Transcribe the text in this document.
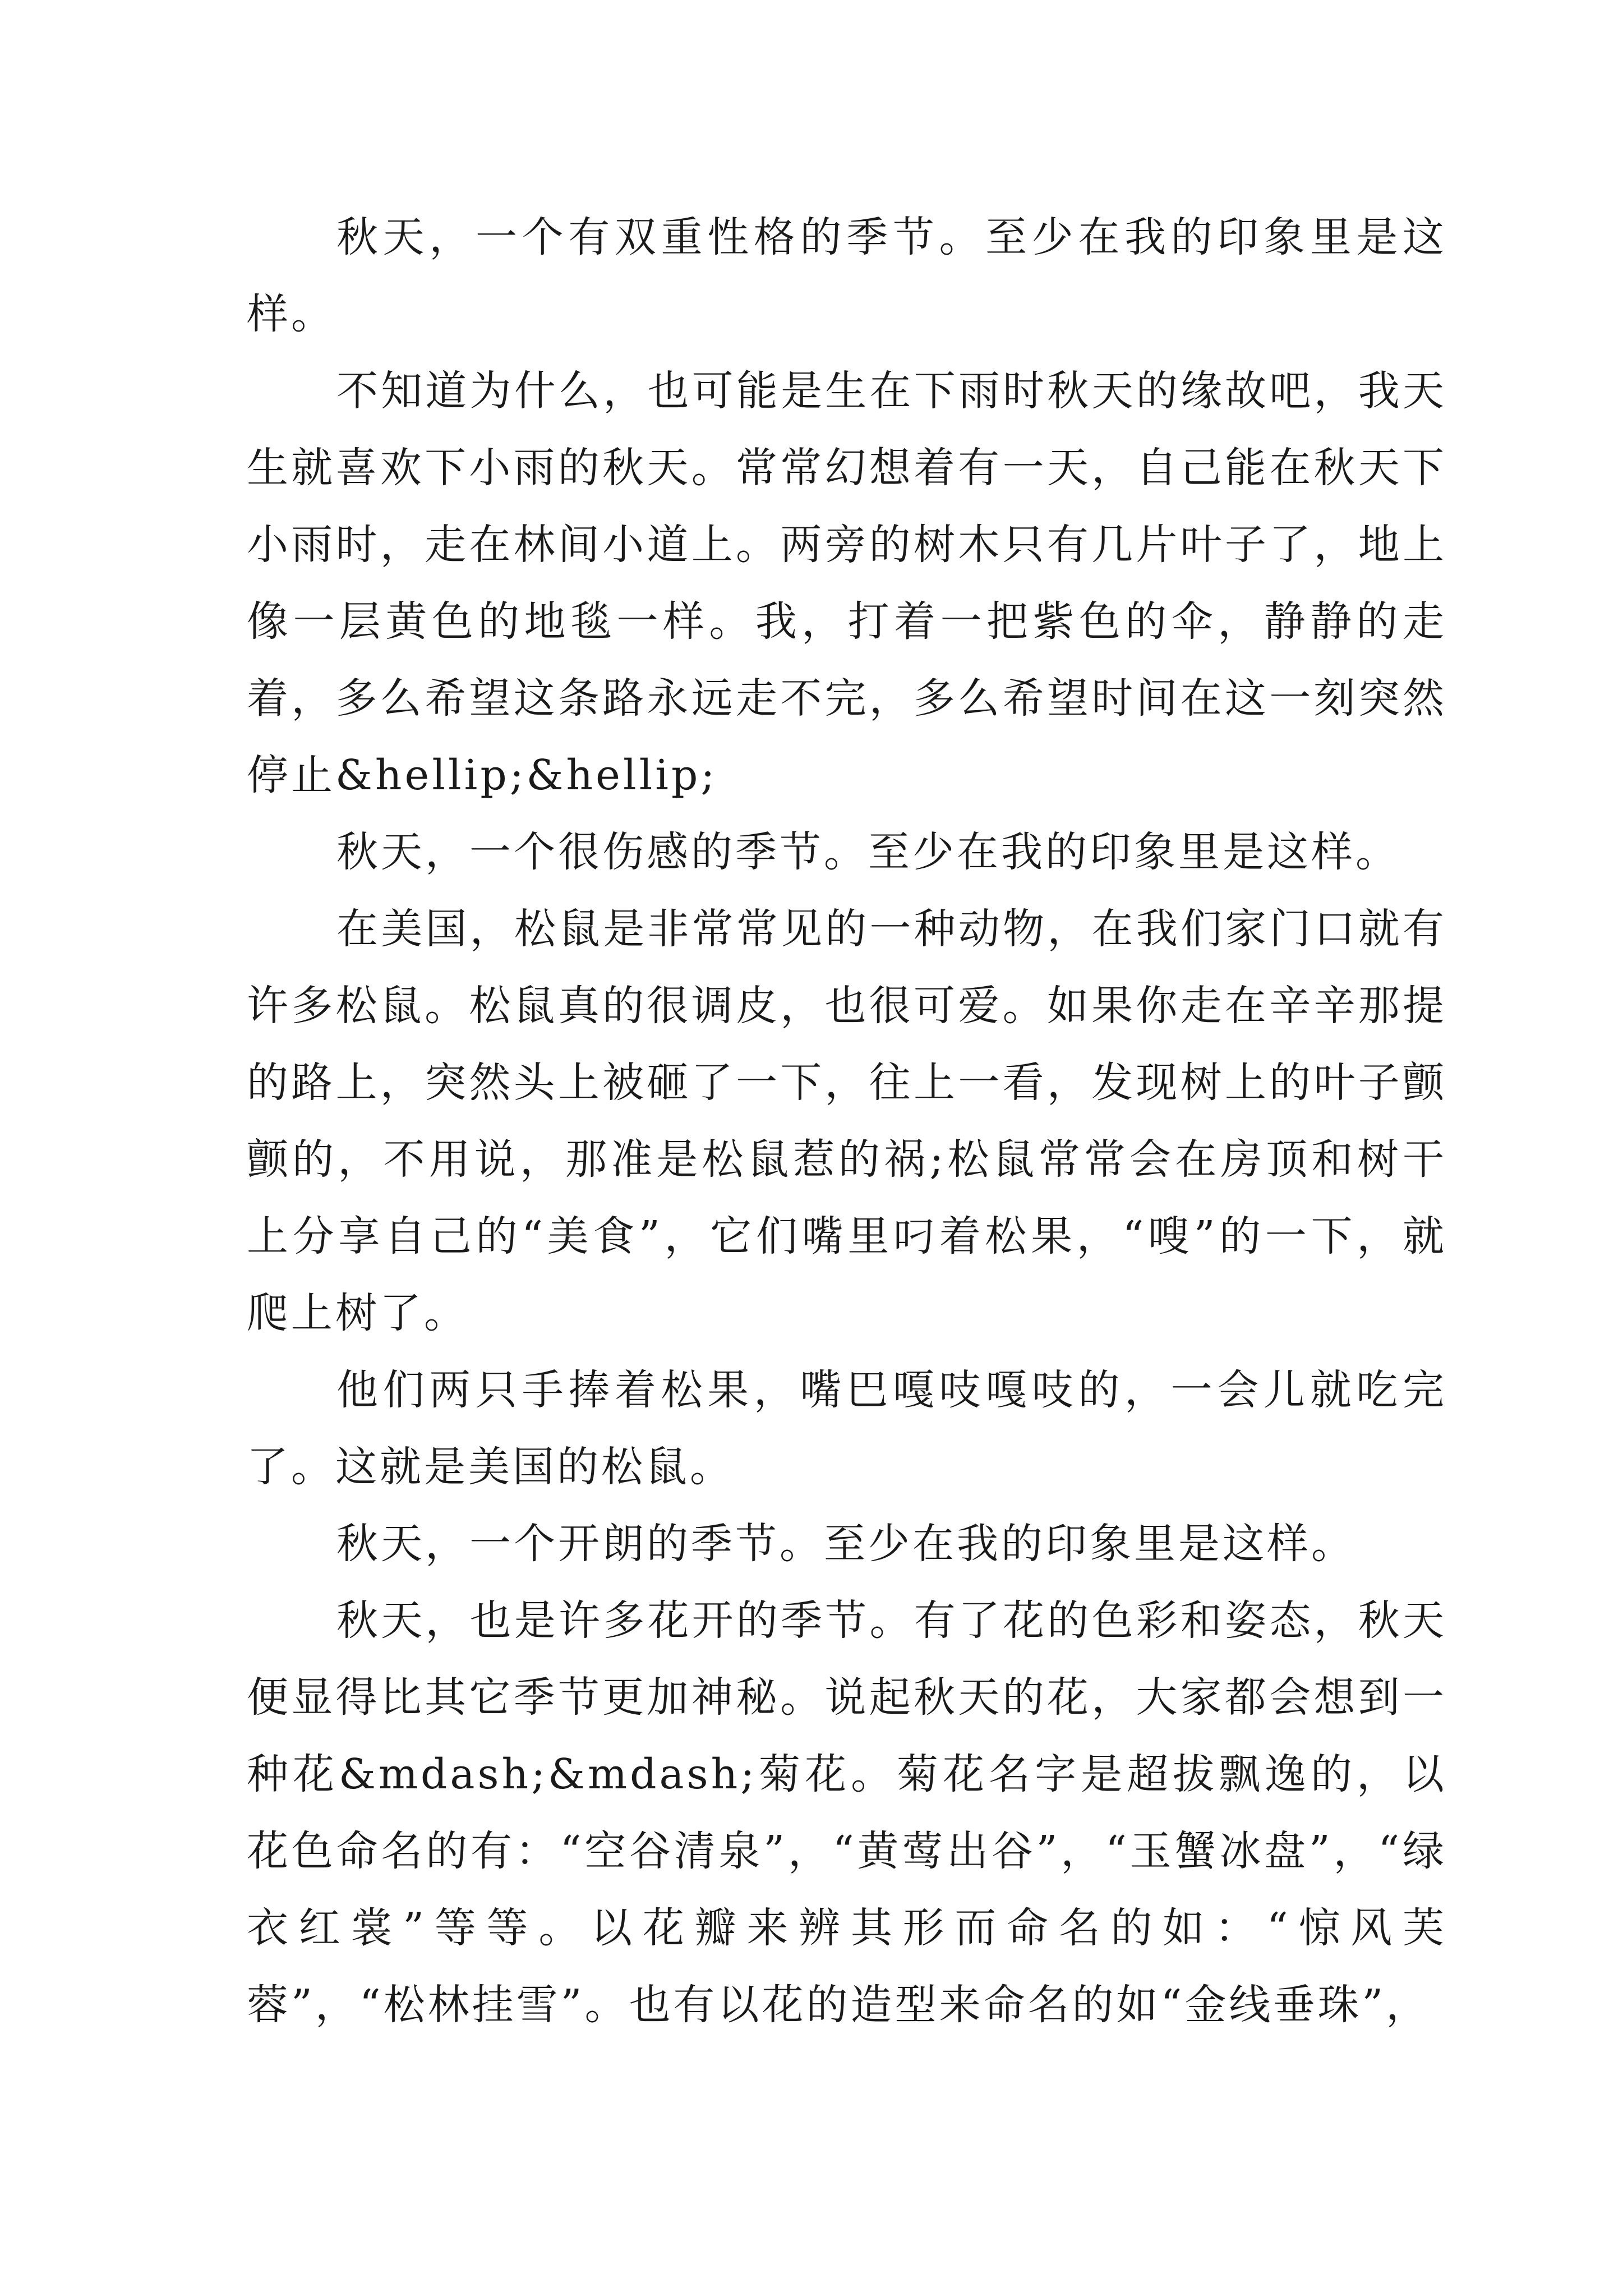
秋天，一个有双重性格的季节。至少在我的印象里是这样。

不知道为什么，也可能是生在下雨时秋天的缘故吧，我天生就喜欢下小雨的秋天。常常幻想着有一天，自己能在秋天下小雨时，走在林间小道上。两旁的树木只有几片叶子了，地上像一层黄色的地毯一样。我，打着一把紫色的伞，静静的走着，多么希望这条路永远走不完，多么希望时间在这一刻突然停止&hellip;&hellip;

秋天，一个很伤感的季节。至少在我的印象里是这样。

在美国，松鼠是非常常见的一种动物，在我们家门口就有许多松鼠。松鼠真的很调皮，也很可爱。如果你走在辛辛那提的路上，突然头上被砸了一下，往上一看，发现树上的叶子颤颤的，不用说，那准是松鼠惹的祸;松鼠常常会在房顶和树干上分享自己的“美食”，它们嘴里叼着松果，“嗖”的一下，就爬上树了。

他们两只手捧着松果，嘴巴嘎吱嘎吱的，一会儿就吃完了。这就是美国的松鼠。

秋天，一个开朗的季节。至少在我的印象里是这样。

秋天，也是许多花开的季节。有了花的色彩和姿态，秋天便显得比其它季节更加神秘。说起秋天的花，大家都会想到一种花&mdash;&mdash;菊花。菊花名字是超拔飘逸的，以花色命名的有：“空谷清泉”，“黄莺出谷”，“玉蟹冰盘”，“绿衣红裳”等等。以花瓣来辨其形而命名的如：“惊风芙蓉”，“松林挂雪”。也有以花的造型来命名的如“金线垂珠”，
